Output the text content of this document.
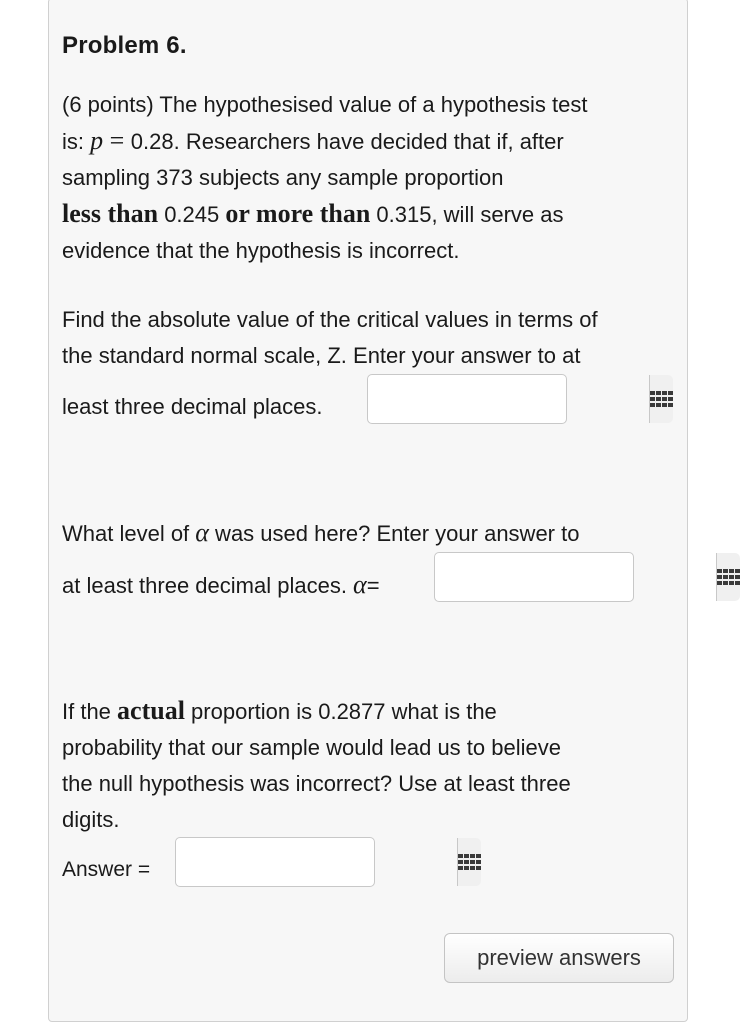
Problem 6.
(6 points) The hypothesised value of a hypothesis test
is: p = 0.28. Researchers have decided that if, after
sampling 373 subjects any sample proportion
less than 0.245 or more than 0.315, will serve as
evidence that the hypothesis is incorrect.
Find the absolute value of the critical values in terms of
the standard normal scale, Z. Enter your answer to at
least three decimal places.
What level of α was used here? Enter your answer to
at least three decimal places. α=
If the actual proportion is 0.2877 what is the
probability that our sample would lead us to believe
the null hypothesis was incorrect? Use at least three
digits.
Answer =
preview answers
